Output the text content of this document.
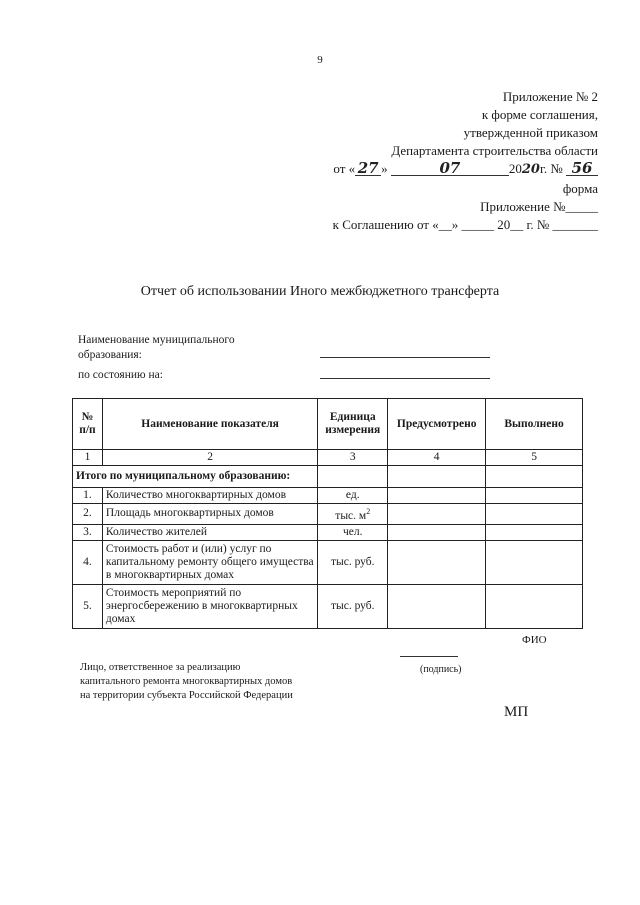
9
Приложение № 2
к форме соглашения,
утвержденной приказом
Департамента строительства области
от « 27 »	07	2020г. № 56
форма
Приложение №_____
к Соглашению от «__» _____ 20__ г. № _______
Отчет об использовании Иного межбюджетного трансферта
Наименование муниципального
образования:
по состоянию на:
№ п/п	Наименование показателя	Единица измерения	Предусмотрено	Выполнено
1	2	3	4	5
Итого по муниципальному образованию:				
1.	Количество многоквартирных домов	ед.		
2.	Площадь многоквартирных домов	тыс. $м^2$		
3.	Количество жителей	чел.		
4.	Стоимость работ и (или) услуг по капитальному ремонту общего имущества в многоквартирных домах	тыс. руб.		
5.	Стоимость мероприятий по энергосбережению в многоквартирных домах	тыс. руб.		
ФИО
(подпись)
Лицо, ответственное за реализацию
капитального ремонта многоквартирных домов
на территории субъекта Российской Федерации
МП
